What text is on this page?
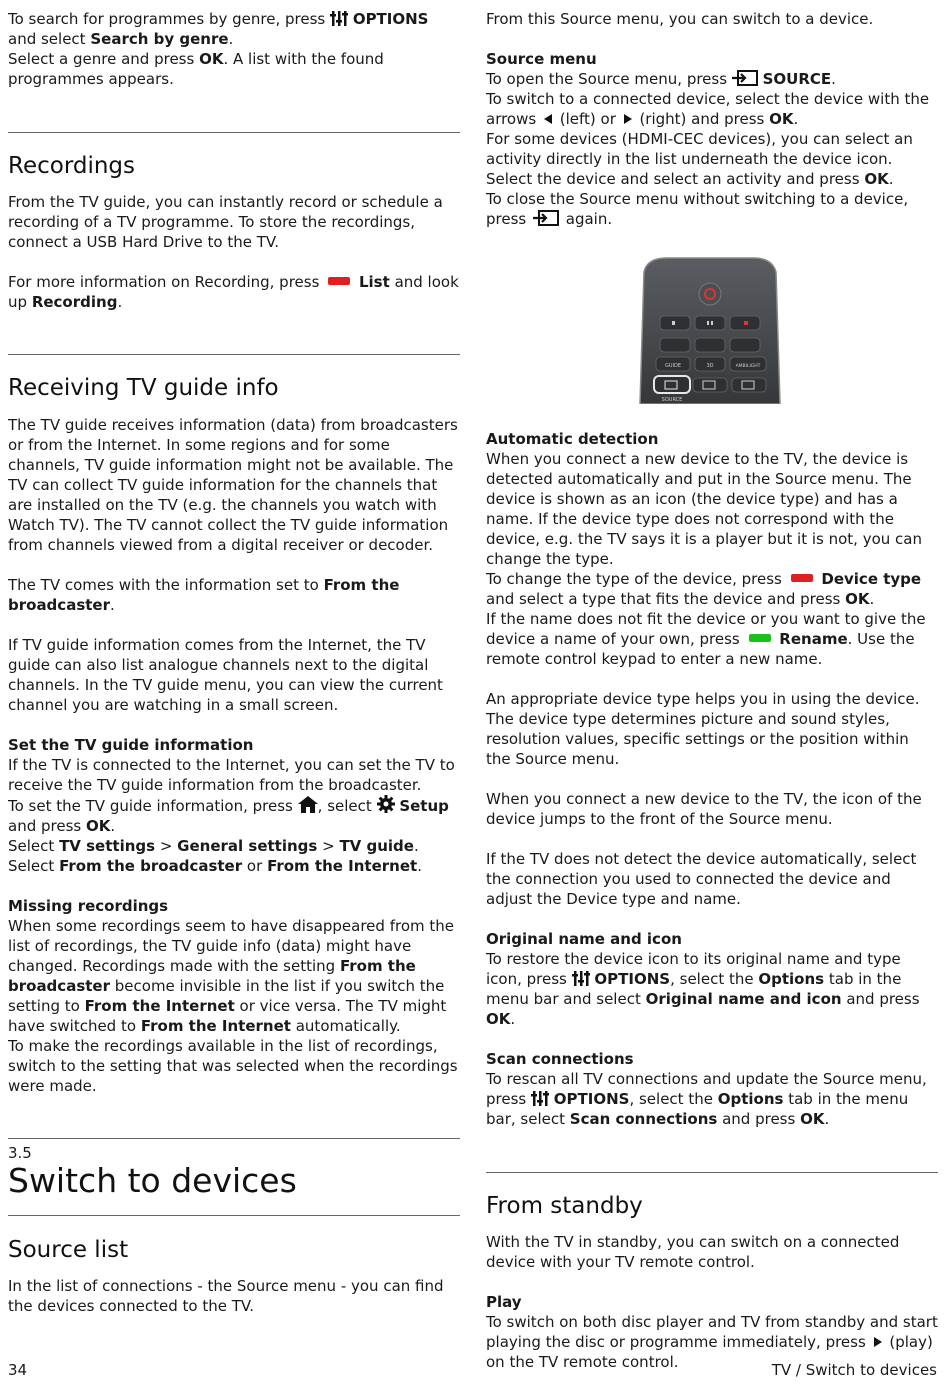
To search for programmes by genre, press OPTIONS and select Search by genre.

Select a genre and press OK. A list with the found programmes appears.

Recordings

From the TV guide, you can instantly record or schedule a recording of a TV programme. To store the recordings, connect a USB Hard Drive to the TV.

For more information on Recording, press	List and look up Recording.

Receiving TV guide info

The TV guide receives information (data) from broadcasters or from the Internet. In some regions and for some channels, TV guide information might not be available. The TV can collect TV guide information for the channels that are installed on the TV (e.g. the channels you watch with Watch TV). The TV cannot collect the TV guide information from channels viewed from a digital receiver or decoder.

The TV comes with the information set to From the broadcaster.

If TV guide information comes from the Internet, the TV guide can also list analogue channels next to the digital channels. In the TV guide menu, you can view the current channel you are watching in a small screen.

Set the TV guide information

If the TV is connected to the Internet, you can set the TV to receive the TV guide information from the broadcaster.

To set the TV guide information, press , select Setup and press OK.

Select TV settings > General settings > TV guide.

Select From the broadcaster or From the Internet.

Missing recordings

When some recordings seem to have disappeared from the list of recordings, the TV guide info (data) might have changed. Recordings made with the setting From the broadcaster become invisible in the list if you switch the setting to From the Internet or vice versa. The TV might have switched to From the Internet automatically.

To make the recordings available in the list of recordings, switch to the setting that was selected when the recordings were made.

3.5

Switch to devices
Source list

In the list of connections - the Source menu - you can find the devices connected to the TV.

From this Source menu, you can switch to a device.

Source menu

To open the Source menu, press SOURCE.

To switch to a connected device, select the device with the arrows (left) or (right) and press OK.

For some devices (HDMI-CEC devices), you can select an activity directly in the list underneath the device icon.

Select the device and select an activity and press OK.

To close the Source menu without switching to a device, press	again.

Automatic detection

When you connect a new device to the TV, the device is detected automatically and put in the Source menu. The device is shown as an icon (the device type) and has a name. If the device type does not correspond with the device, e.g. the TV says it is a player but it is not, you can change the type.

To change the type of the device, press	Device type and select a type that fits the device and press OK.

If the name does not fit the device or you want to give the device a name of your own, press	Rename. Use the remote control keypad to enter a new name.

An appropriate device type helps you in using the device. The device type determines picture and sound styles, resolution values, specific settings or the position within the Source menu.

When you connect a new device to the TV, the icon of the device jumps to the front of the Source menu.

If the TV does not detect the device automatically, select the connection you used to connected the device and adjust the Device type and name.

Original name and icon

To restore the device icon to its original name and type icon, press OPTIONS, select the Options tab in the menu bar and select Original name and icon and press OK.

Scan connections

To rescan all TV connections and update the Source menu, press OPTIONS, select the Options tab in the menu bar, select Scan connections and press OK.

From standby

With the TV in standby, you can switch on a connected device with your TV remote control.

Play

To switch on both disc player and TV from standby and start playing the disc or programme immediately, press (play) on the TV remote control.

GUIDE	3D	AMBILIGHT
SOURCE
34	TV / Switch to devices
